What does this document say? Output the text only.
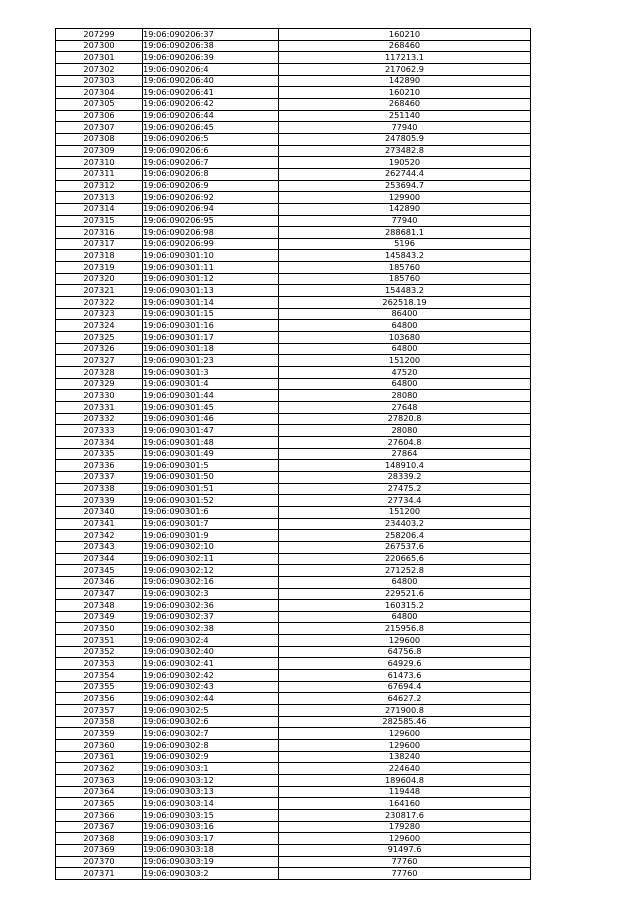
207299	19:06:090206:37	160210
207300	19:06:090206:38	268460
207301	19:06:090206:39	117213.1
207302	19:06:090206:4	217062.9
207303	19:06:090206:40	142890
207304	19:06:090206:41	160210
207305	19:06:090206:42	268460
207306	19:06:090206:44	251140
207307	19:06:090206:45	77940
207308	19:06:090206:5	247805.9
207309	19:06:090206:6	273482.8
207310	19:06:090206:7	190520
207311	19:06:090206:8	262744.4
207312	19:06:090206:9	253694.7
207313	19:06:090206:92	129900
207314	19:06:090206:94	142890
207315	19:06:090206:95	77940
207316	19:06:090206:98	288681.1
207317	19:06:090206:99	5196
207318	19:06:090301:10	145843.2
207319	19:06:090301:11	185760
207320	19:06:090301:12	185760
207321	19:06:090301:13	154483.2
207322	19:06:090301:14	262518.19
207323	19:06:090301:15	86400
207324	19:06:090301:16	64800
207325	19:06:090301:17	103680
207326	19:06:090301:18	64800
207327	19:06:090301:23	151200
207328	19:06:090301:3	47520
207329	19:06:090301:4	64800
207330	19:06:090301:44	28080
207331	19:06:090301:45	27648
207332	19:06:090301:46	27820.8
207333	19:06:090301:47	28080
207334	19:06:090301:48	27604.8
207335	19:06:090301:49	27864
207336	19:06:090301:5	148910.4
207337	19:06:090301:50	28339.2
207338	19:06:090301:51	27475.2
207339	19:06:090301:52	27734.4
207340	19:06:090301:6	151200
207341	19:06:090301:7	234403.2
207342	19:06:090301:9	258206.4
207343	19:06:090302:10	267537.6
207344	19:06:090302:11	220665.6
207345	19:06:090302:12	271252.8
207346	19:06:090302:16	64800
207347	19:06:090302:3	229521.6
207348	19:06:090302:36	160315.2
207349	19:06:090302:37	64800
207350	19:06:090302:38	215956.8
207351	19:06:090302:4	129600
207352	19:06:090302:40	64756.8
207353	19:06:090302:41	64929.6
207354	19:06:090302:42	61473.6
207355	19:06:090302:43	67694.4
207356	19:06:090302:44	64627.2
207357	19:06:090302:5	271900.8
207358	19:06:090302:6	282585.46
207359	19:06:090302:7	129600
207360	19:06:090302:8	129600
207361	19:06:090302:9	138240
207362	19:06:090303:1	224640
207363	19:06:090303:12	189604.8
207364	19:06:090303:13	119448
207365	19:06:090303:14	164160
207366	19:06:090303:15	230817.6
207367	19:06:090303:16	179280
207368	19:06:090303:17	129600
207369	19:06:090303:18	91497.6
207370	19:06:090303:19	77760
207371	19:06:090303:2	77760
